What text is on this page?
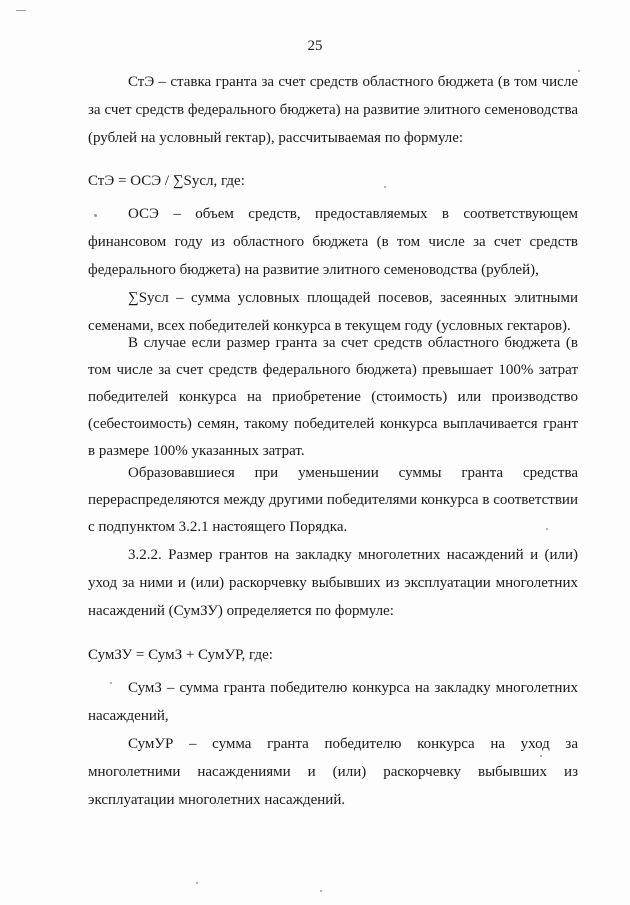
25

СтЭ – ставка гранта за счет средств областного бюджета (в том числе за счет средств федерального бюджета) на развитие элитного семеноводства (рублей на условный гектар), рассчитываемая по формуле:

СтЭ = ОСЭ / ∑Sусл, где:

ОСЭ – объем средств, предоставляемых в соответствующем финансовом году из областного бюджета (в том числе за счет средств федерального бюджета) на развитие элитного семеноводства (рублей),

∑Sусл – сумма условных площадей посевов, засеянных элитными семенами, всех победителей конкурса в текущем году (условных гектаров).

В случае если размер гранта за счет средств областного бюджета (в том числе за счет средств федерального бюджета) превышает 100% затрат победителей конкурса на приобретение (стоимость) или производство (себестоимость) семян, такому победителей конкурса выплачивается грант в размере 100% указанных затрат.

Образовавшиеся при уменьшении суммы гранта средства перераспределяются между другими победителями конкурса в соответствии с подпунктом 3.2.1 настоящего Порядка.

3.2.2. Размер грантов на закладку многолетних насаждений и (или) уход за ними и (или) раскорчевку выбывших из эксплуатации многолетних насаждений (СумЗУ) определяется по формуле:

СумЗУ = СумЗ + СумУР, где:

СумЗ – сумма гранта победителю конкурса на закладку многолетних насаждений,

СумУР – сумма гранта победителю конкурса на уход за многолетними насаждениями и (или) раскорчевку выбывших из эксплуатации многолетних насаждений.
